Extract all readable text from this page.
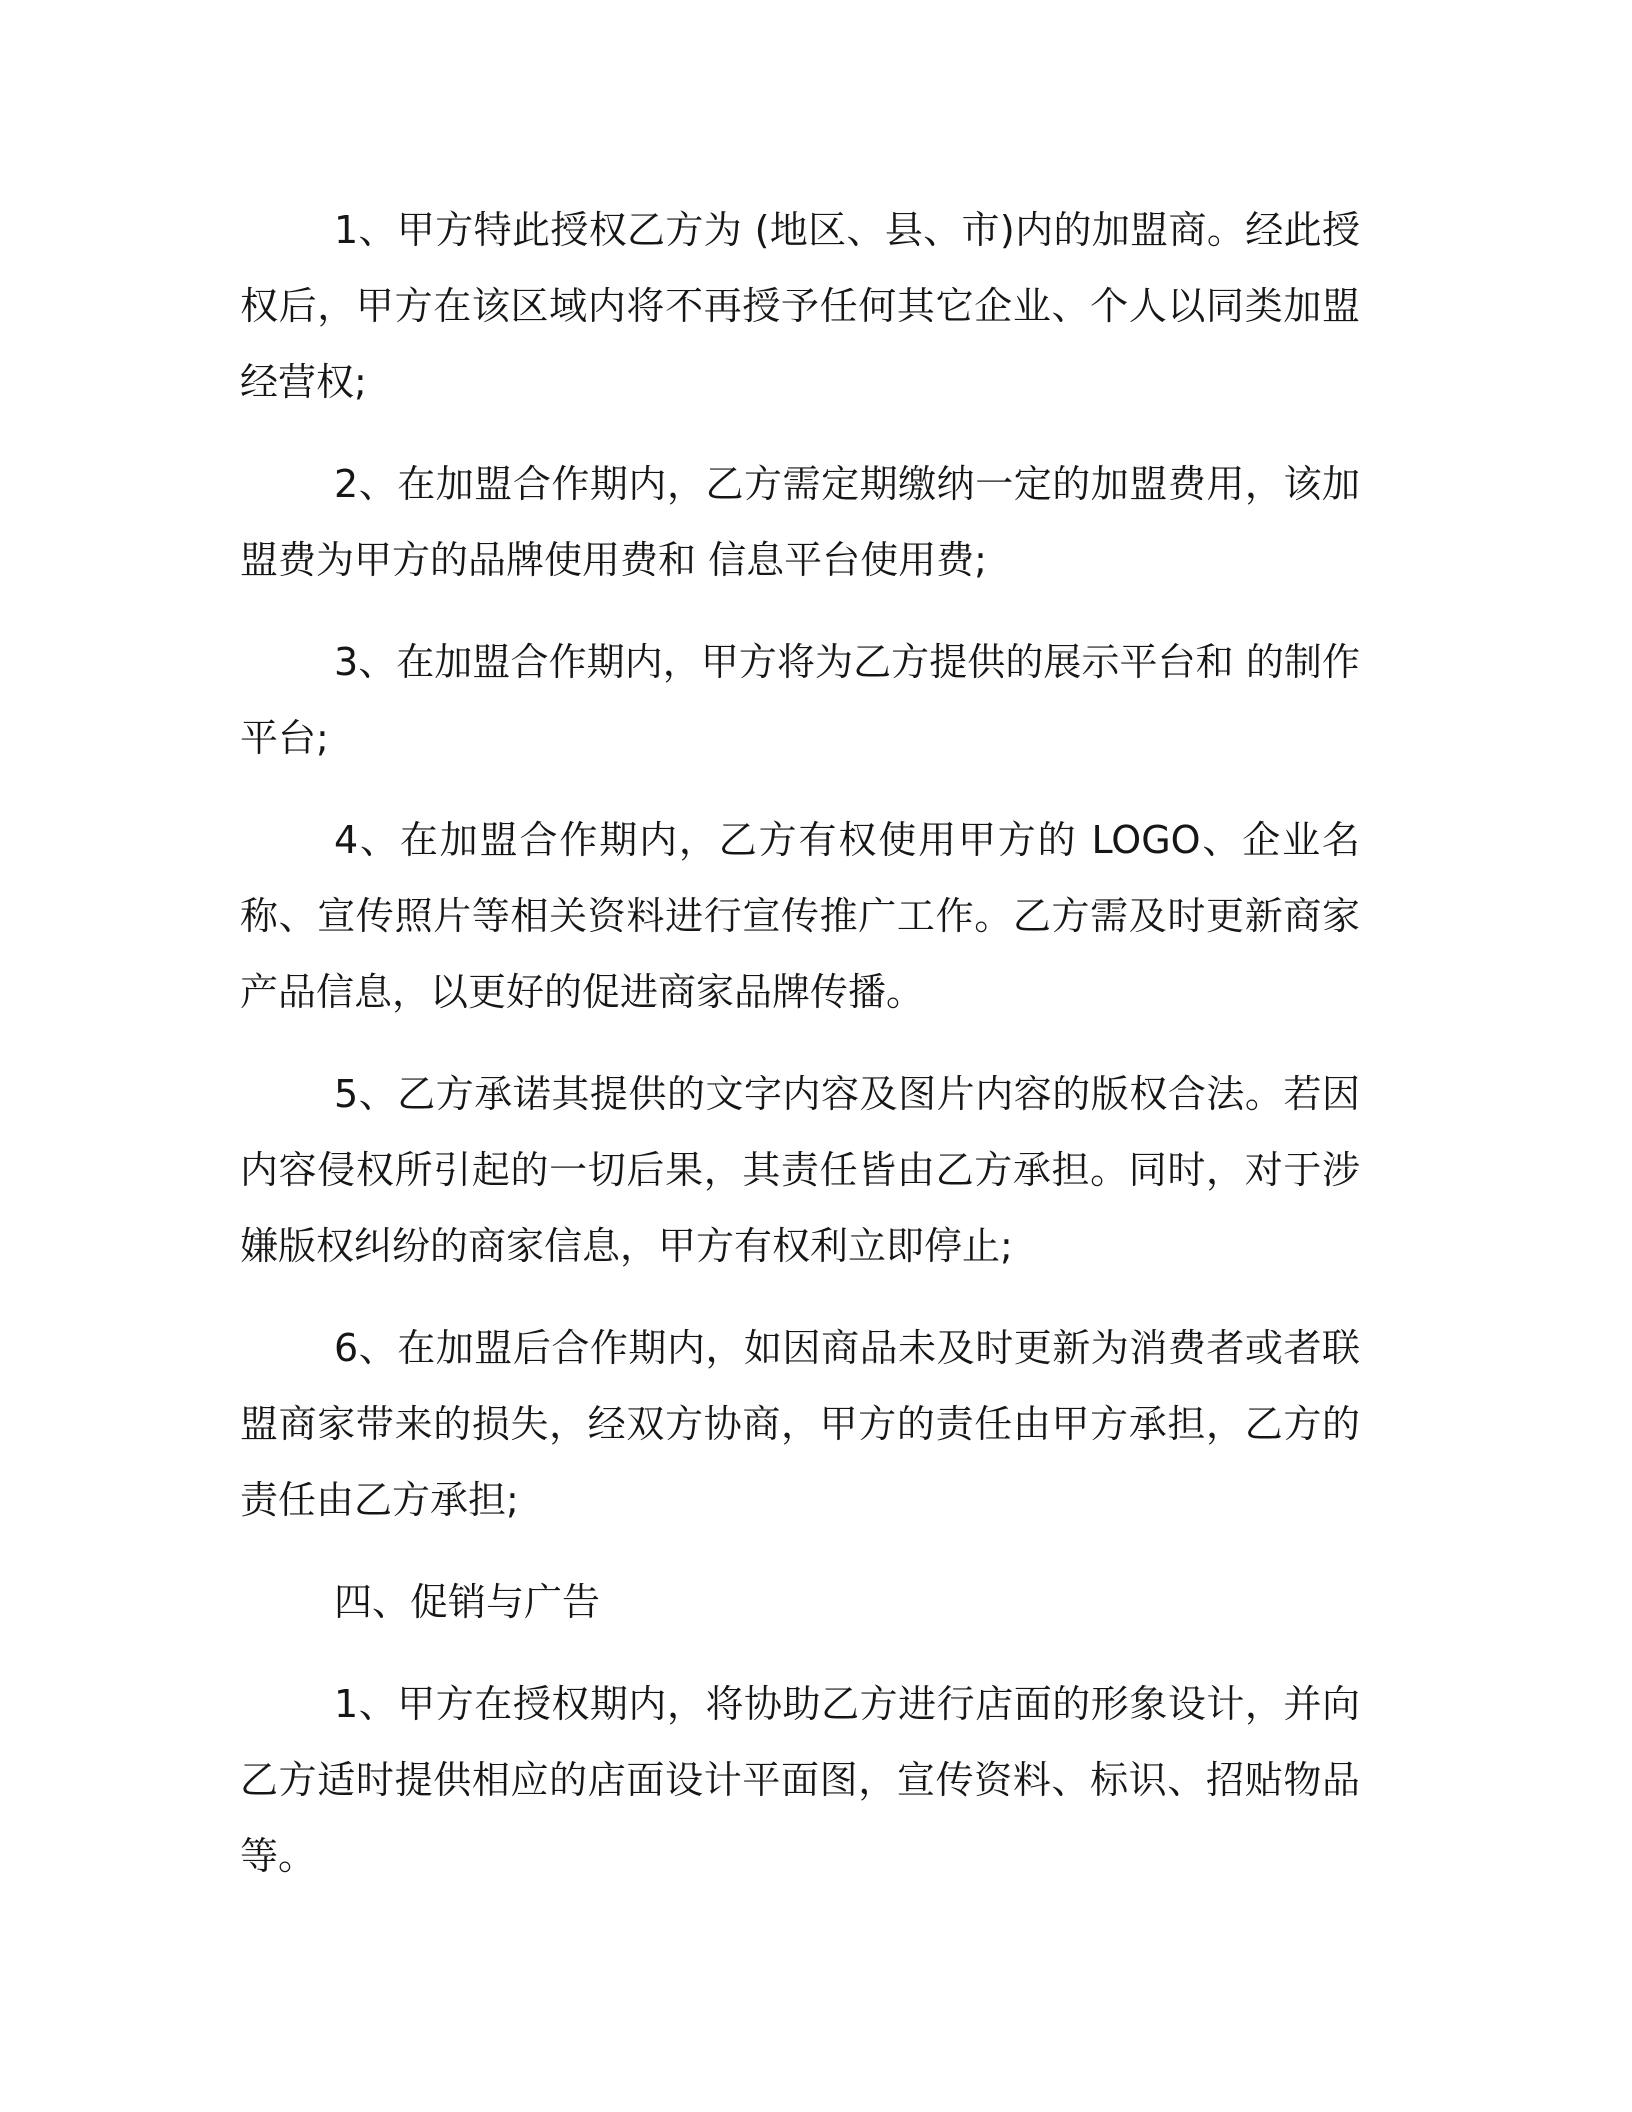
1、甲方特此授权乙方为 (地区、县、市)内的加盟商。经此授权后，甲方在该区域内将不再授予任何其它企业、个人以同类加盟经营权;

2、在加盟合作期内，乙方需定期缴纳一定的加盟费用，该加盟费为甲方的品牌使用费和 信息平台使用费;

3、在加盟合作期内，甲方将为乙方提供的展示平台和 的制作平台;

4、在加盟合作期内，乙方有权使用甲方的 LOGO、企业名称、宣传照片等相关资料进行宣传推广工作。乙方需及时更新商家产品信息，以更好的促进商家品牌传播。

5、乙方承诺其提供的文字内容及图片内容的版权合法。若因内容侵权所引起的一切后果，其责任皆由乙方承担。同时，对于涉嫌版权纠纷的商家信息，甲方有权利立即停止;

6、在加盟后合作期内，如因商品未及时更新为消费者或者联盟商家带来的损失，经双方协商，甲方的责任由甲方承担，乙方的责任由乙方承担;

四、促销与广告

1、甲方在授权期内，将协助乙方进行店面的形象设计，并向乙方适时提供相应的店面设计平面图，宣传资料、标识、招贴物品等。
